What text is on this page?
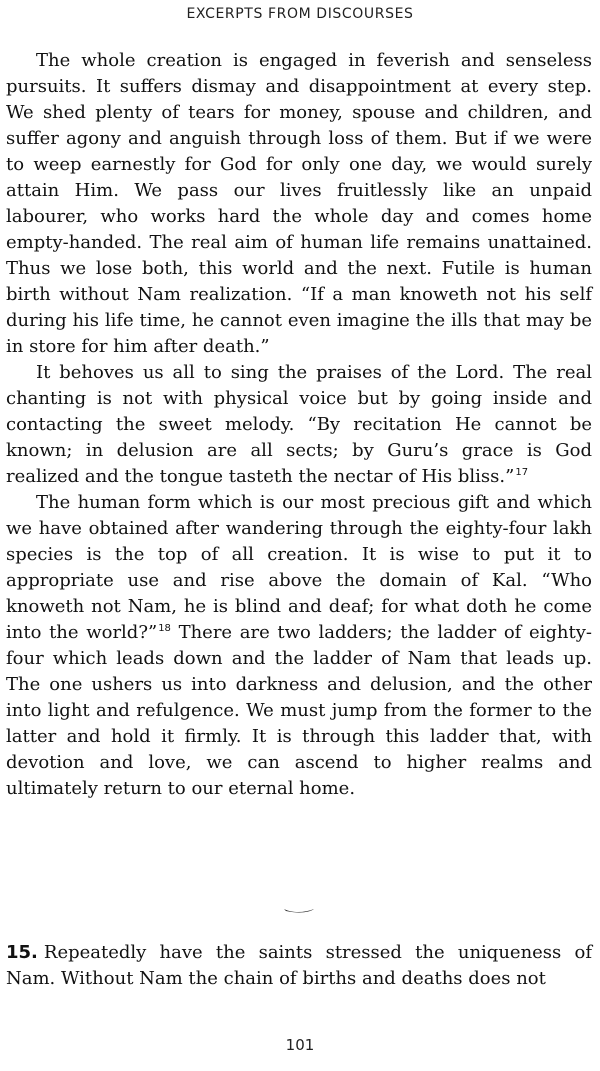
EXCERPTS FROM DISCOURSES

The whole creation is engaged in feverish and senseless pursuits. It suffers dismay and disappointment at every step. We shed plenty of tears for money, spouse and children, and suffer agony and anguish through loss of them. But if we were to weep earnestly for God for only one day, we would surely attain Him. We pass our lives fruitlessly like an unpaid labourer, who works hard the whole day and comes home empty-handed. The real aim of human life remains unattained. Thus we lose both, this world and the next. Futile is human birth without Nam realization. “If a man knoweth not his self during his life time, he cannot even imagine the ills that may be in store for him after death.”

It behoves us all to sing the praises of the Lord. The real chanting is not with physical voice but by going inside and contacting the sweet melody. “By recitation He cannot be known; in delusion are all sects; by Guru’s grace is God realized and the tongue tasteth the nectar of His bliss.”$^{17}$

The human form which is our most precious gift and which we have obtained after wandering through the eighty-four lakh species is the top of all creation. It is wise to put it to appropriate use and rise above the domain of Kal. “Who knoweth not Nam, he is blind and deaf; for what doth he come into the world?”$^{18}$ There are two ladders; the ladder of eighty-four which leads down and the ladder of Nam that leads up. The one ushers us into darkness and delusion, and the other into light and refulgence. We must jump from the former to the latter and hold it firmly. It is through this ladder that, with devotion and love, we can ascend to higher realms and ultimately return to our eternal home.

15. Repeatedly have the saints stressed the uniqueness of Nam. Without Nam the chain of births and deaths does not

101
